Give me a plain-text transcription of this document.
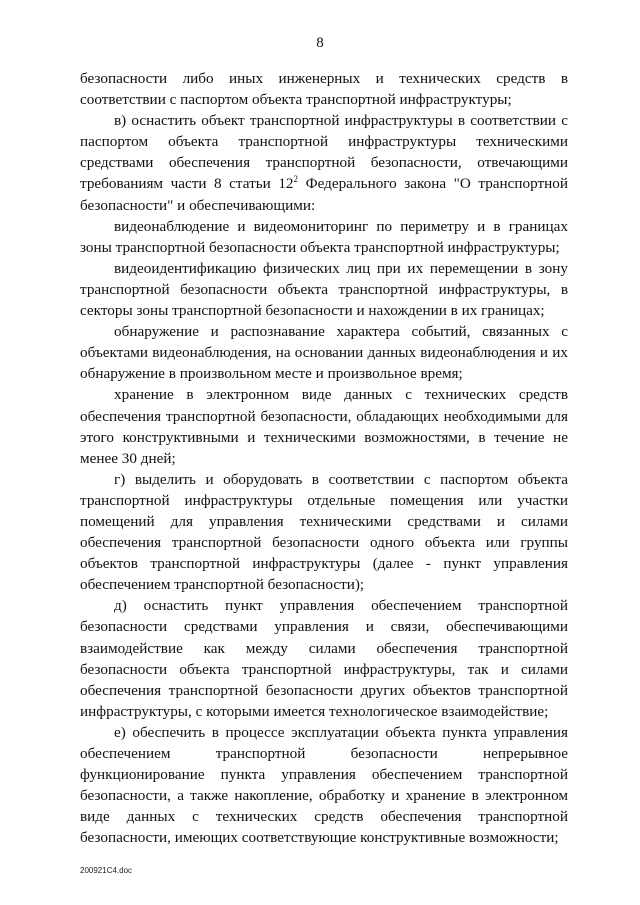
8

безопасности либо иных инженерных и технических средств в соответствии с паспортом объекта транспортной инфраструктуры;

в) оснастить объект транспортной инфраструктуры в соответствии с паспортом объекта транспортной инфраструктуры техническими средствами обеспечения транспортной безопасности, отвечающими требованиям части 8 статьи $12^2$ Федерального закона "О транспортной безопасности" и обеспечивающими:

видеонаблюдение и видеомониторинг по периметру и в границах зоны транспортной безопасности объекта транспортной инфраструктуры;

видеоидентификацию физических лиц при их перемещении в зону транспортной безопасности объекта транспортной инфраструктуры, в секторы зоны транспортной безопасности и нахождении в их границах;

обнаружение и распознавание характера событий, связанных с объектами видеонаблюдения, на основании данных видеонаблюдения и их обнаружение в произвольном месте и произвольное время;

хранение в электронном виде данных с технических средств обеспечения транспортной безопасности, обладающих необходимыми для этого конструктивными и техническими возможностями, в течение не менее 30 дней;

г) выделить и оборудовать в соответствии с паспортом объекта транспортной инфраструктуры отдельные помещения или участки помещений для управления техническими средствами и силами обеспечения транспортной безопасности одного объекта или группы объектов транспортной инфраструктуры (далее - пункт управления обеспечением транспортной безопасности);

д) оснастить пункт управления обеспечением транспортной безопасности средствами управления и связи, обеспечивающими взаимодействие как между силами обеспечения транспортной безопасности объекта транспортной инфраструктуры, так и силами обеспечения транспортной безопасности других объектов транспортной инфраструктуры, с которыми имеется технологическое взаимодействие;

е) обеспечить в процессе эксплуатации объекта пункта управления обеспечением транспортной безопасности непрерывное функционирование пункта управления обеспечением транспортной безопасности, а также накопление, обработку и хранение в электронном виде данных с технических средств обеспечения транспортной безопасности, имеющих соответствующие конструктивные возможности;

200921C4.doc
